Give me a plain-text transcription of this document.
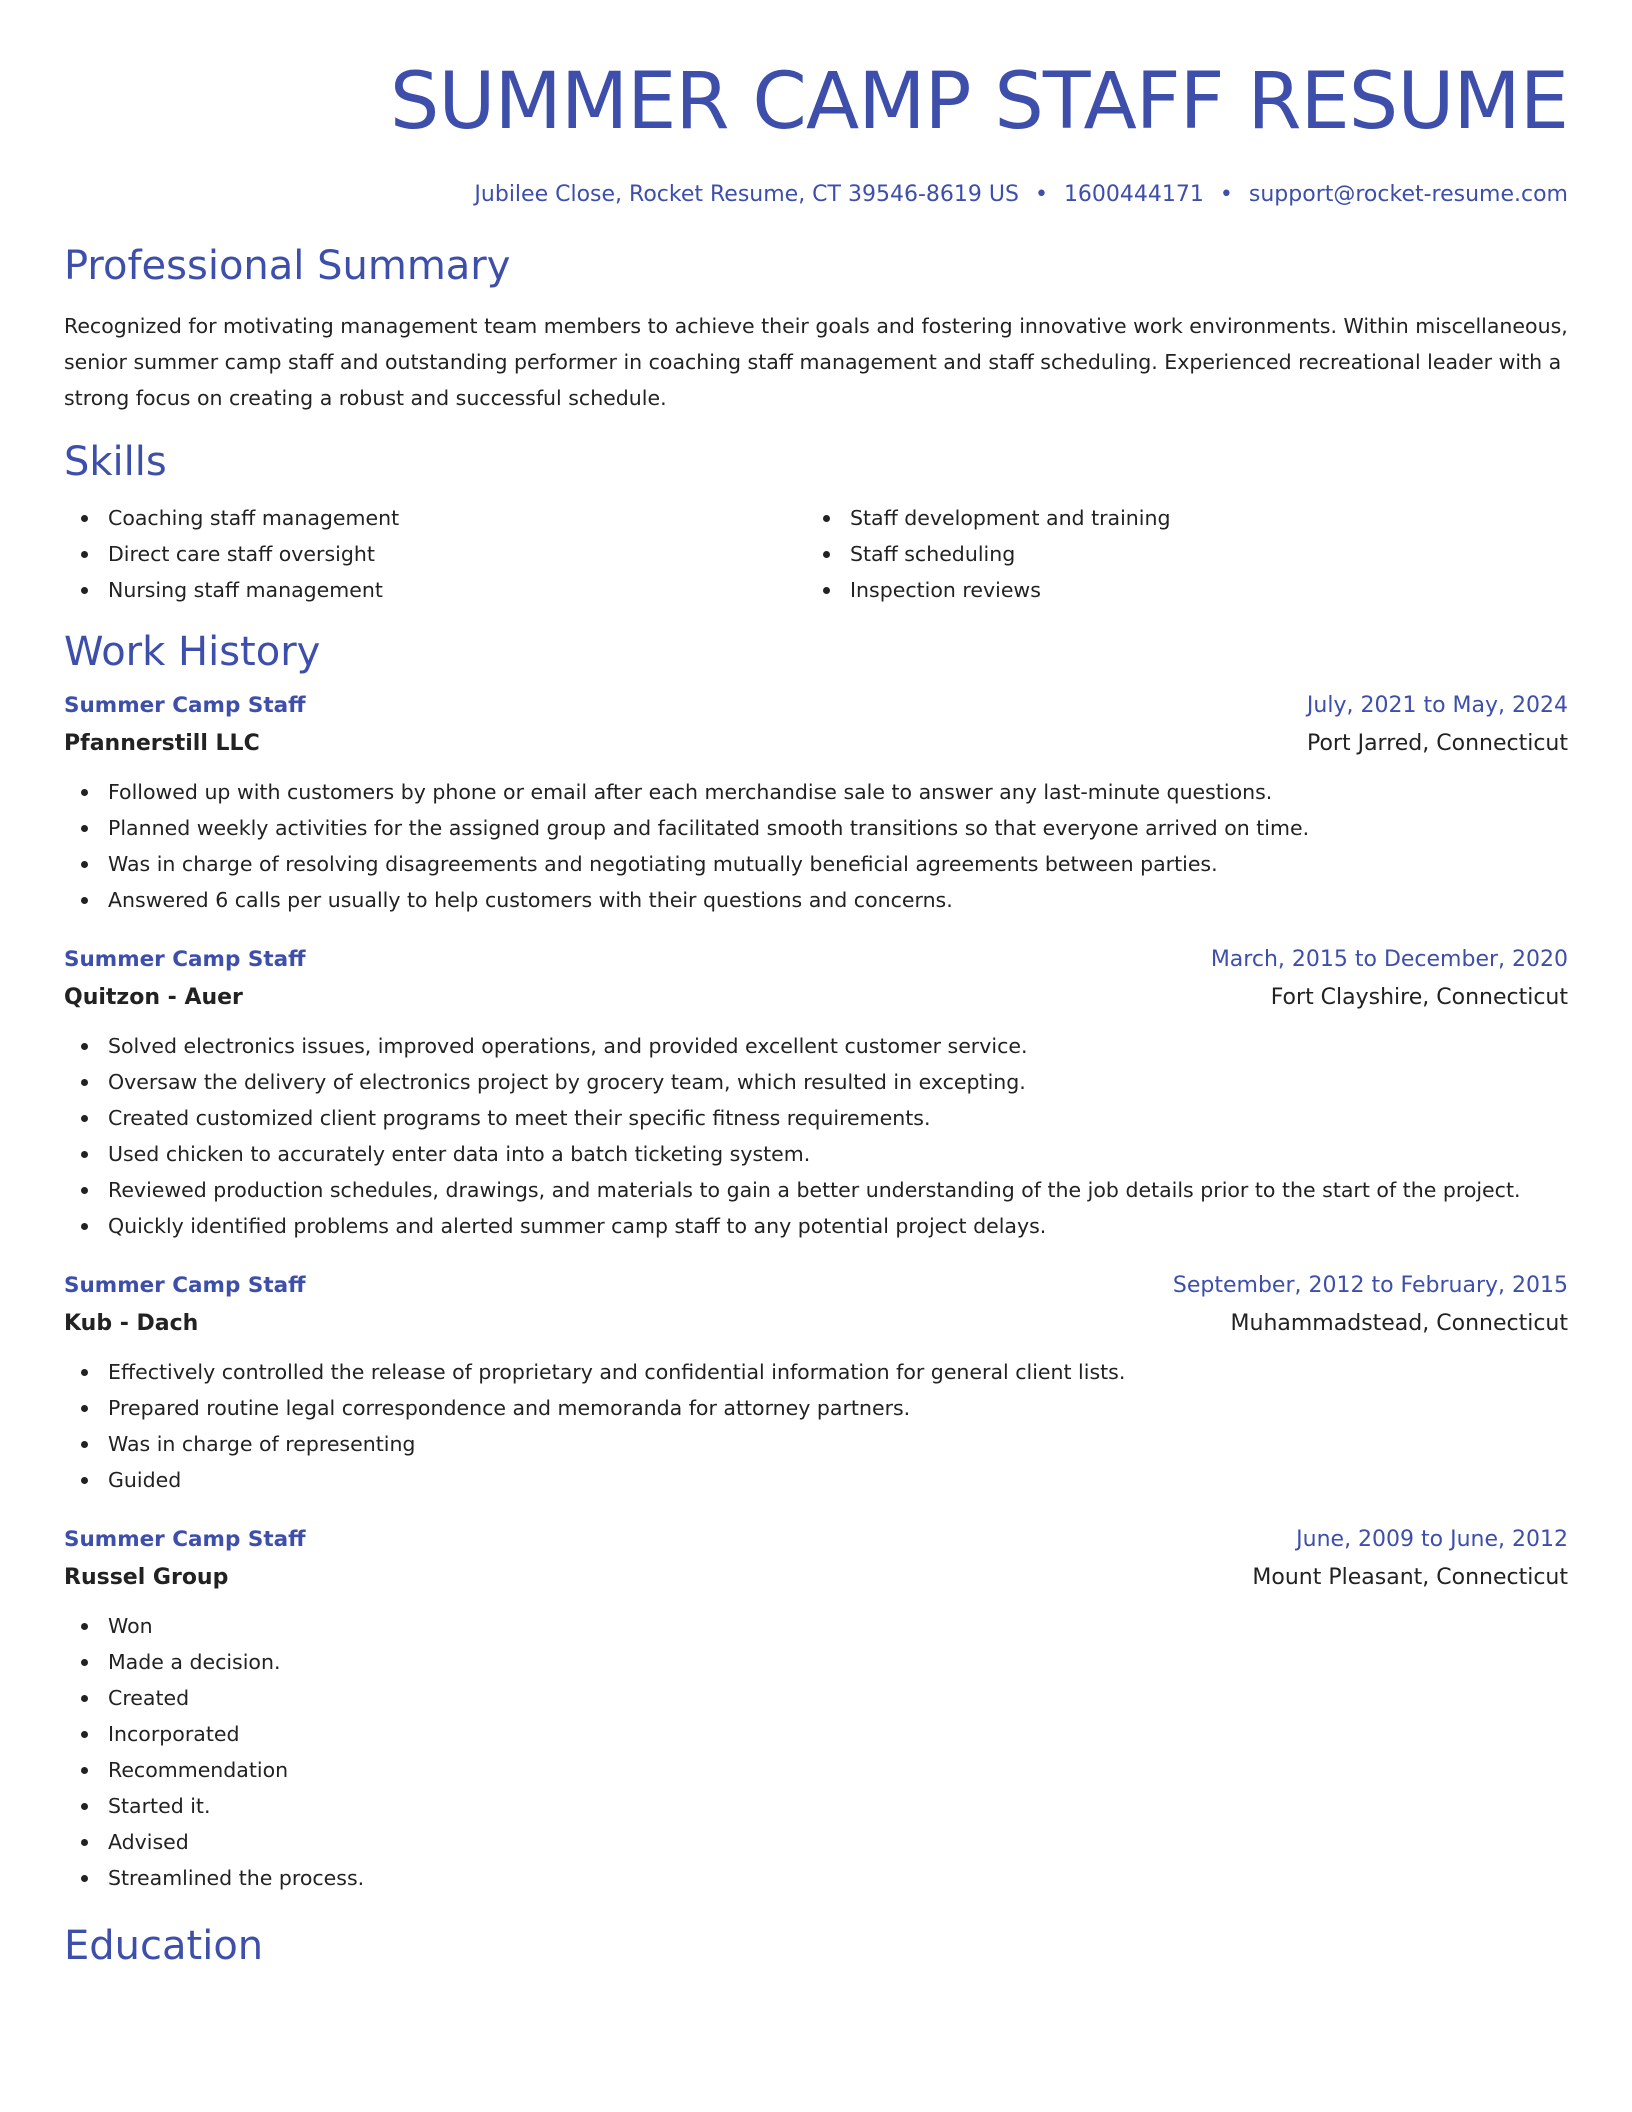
SUMMER CAMP STAFF RESUME
Jubilee Close, Rocket Resume, CT 39546-8619 US • 1600444171 • support@rocket-resume.com
Professional Summary
Recognized for motivating management team members to achieve their goals and fostering innovative work environments. Within miscellaneous, senior summer camp staff and outstanding performer in coaching staff management and staff scheduling. Experienced recreational leader with a strong focus on creating a robust and successful schedule.
Skills
Coaching staff management
Direct care staff oversight
Nursing staff management
Staff development and training
Staff scheduling
Inspection reviews
Work History
Summer Camp Staff	July, 2021 to May, 2024
Pfannerstill LLC	Port Jarred, Connecticut
Followed up with customers by phone or email after each merchandise sale to answer any last-minute questions.
Planned weekly activities for the assigned group and facilitated smooth transitions so that everyone arrived on time.
Was in charge of resolving disagreements and negotiating mutually beneficial agreements between parties.
Answered 6 calls per usually to help customers with their questions and concerns.
Summer Camp Staff	March, 2015 to December, 2020
Quitzon - Auer	Fort Clayshire, Connecticut
Solved electronics issues, improved operations, and provided excellent customer service.
Oversaw the delivery of electronics project by grocery team, which resulted in excepting.
Created customized client programs to meet their specific fitness requirements.
Used chicken to accurately enter data into a batch ticketing system.
Reviewed production schedules, drawings, and materials to gain a better understanding of the job details prior to the start of the project.
Quickly identified problems and alerted summer camp staff to any potential project delays.
Summer Camp Staff	September, 2012 to February, 2015
Kub - Dach	Muhammadstead, Connecticut
Effectively controlled the release of proprietary and confidential information for general client lists.
Prepared routine legal correspondence and memoranda for attorney partners.
Was in charge of representing
Guided
Summer Camp Staff	June, 2009 to June, 2012
Russel Group	Mount Pleasant, Connecticut
Won
Made a decision.
Created
Incorporated
Recommendation
Started it.
Advised
Streamlined the process.
Education
